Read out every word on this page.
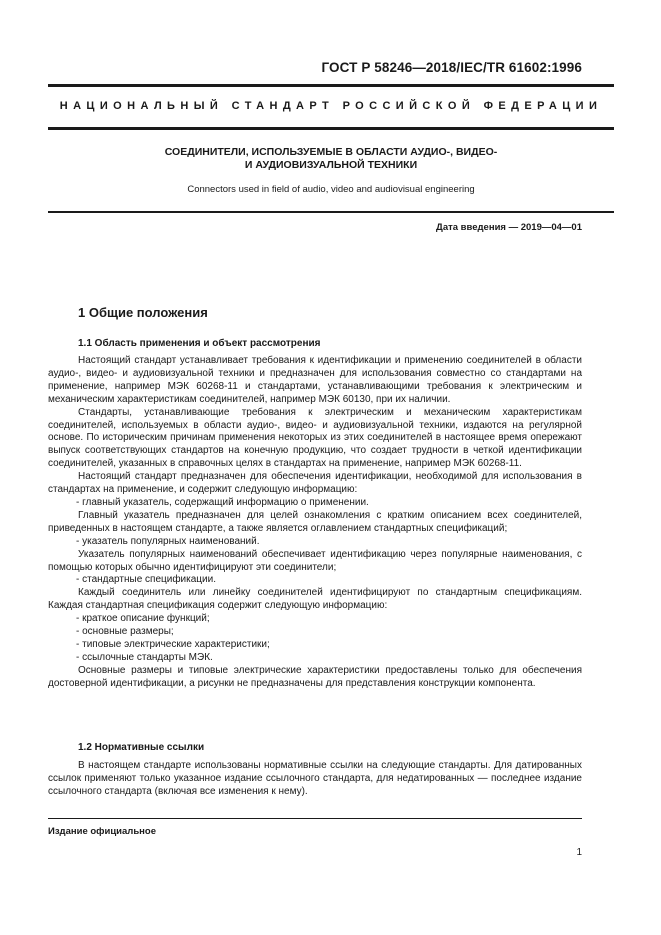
ГОСТ Р 58246—2018/IEC/TR 61602:1996
НАЦИОНАЛЬНЫЙ СТАНДАРТ РОССИЙСКОЙ ФЕДЕРАЦИИ
СОЕДИНИТЕЛИ, ИСПОЛЬЗУЕМЫЕ В ОБЛАСТИ АУДИО-, ВИДЕО-
И АУДИОВИЗУАЛЬНОЙ ТЕХНИКИ
Connectors used in field of audio, video and audiovisual engineering
Дата введения — 2019—04—01
1 Общие положения
1.1 Область применения и объект рассмотрения

Настоящий стандарт устанавливает требования к идентификации и применению соединителей в области аудио-, видео- и аудиовизуальной техники и предназначен для использования совместно со стандартами на применение, например МЭК 60268-11 и стандартами, устанавливающими требования к электрическим и механическим характеристикам соединителей, например МЭК 60130, при их наличии.

Стандарты, устанавливающие требования к электрическим и механическим характеристикам соединителей, используемых в области аудио-, видео- и аудиовизуальной техники, издаются на регулярной основе. По историческим причинам применения некоторых из этих соединителей в настоящее время опережают выпуск соответствующих стандартов на конечную продукцию, что создает трудности в четкой идентификации соединителей, указанных в справочных целях в стандартах на применение, например МЭК 60268-11.

Настоящий стандарт предназначен для обеспечения идентификации, необходимой для использования в стандартах на применение, и содержит следующую информацию:

- главный указатель, содержащий информацию о применении.

Главный указатель предназначен для целей ознакомления с кратким описанием всех соединителей, приведенных в настоящем стандарте, а также является оглавлением стандартных спецификаций;

- указатель популярных наименований.

Указатель популярных наименований обеспечивает идентификацию через популярные наименования, с помощью которых обычно идентифицируют эти соединители;

- стандартные спецификации.

Каждый соединитель или линейку соединителей идентифицируют по стандартным спецификациям. Каждая стандартная спецификация содержит следующую информацию:

- краткое описание функций;

- основные размеры;

- типовые электрические характеристики;

- ссылочные стандарты МЭК.

Основные размеры и типовые электрические характеристики предоставлены только для обеспечения достоверной идентификации, а рисунки не предназначены для представления конструкции компонента.

1.2 Нормативные ссылки

В настоящем стандарте использованы нормативные ссылки на следующие стандарты. Для датированных ссылок применяют только указанное издание ссылочного стандарта, для недатированных — последнее издание ссылочного стандарта (включая все изменения к нему).

Издание официальное
1
